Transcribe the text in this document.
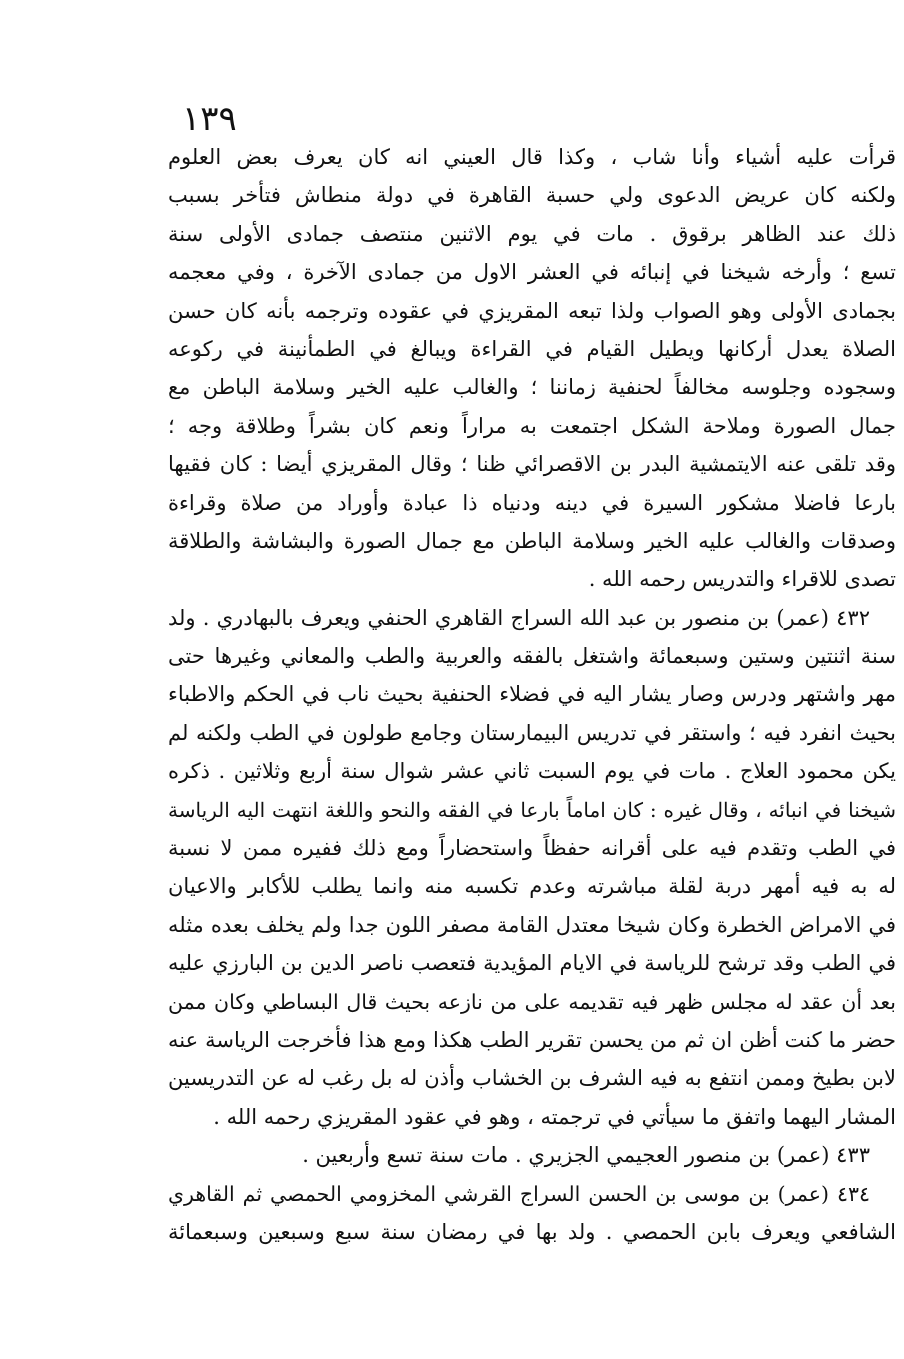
١٣٩
قرأت عليه أشياء وأنا شاب ، وكذا قال العيني انه كان يعرف بعض العلوم
ولكنه كان عريض الدعوى ولي حسبة القاهرة في دولة منطاش فتأخر بسبب
ذلك عند الظاهر برقوق . مات في يوم الاثنين منتصف جمادى الأولى سنة
تسع ؛ وأرخه شيخنا في إنبائه في العشر الاول من جمادى الآخرة ، وفي معجمه
بجمادى الأولى وهو الصواب ولذا تبعه المقريزي في عقوده وترجمه بأنه كان حسن
الصلاة يعدل أركانها ويطيل القيام في القراءة ويبالغ في الطمأنينة في ركوعه
وسجوده وجلوسه مخالفاً لحنفية زماننا ؛ والغالب عليه الخير وسلامة الباطن مع
جمال الصورة وملاحة الشكل اجتمعت به مراراً ونعم كان بشراً وطلاقة وجه ؛
وقد تلقى عنه الايتمشية البدر بن الاقصرائي ظنا ؛ وقال المقريزي أيضا : كان فقيها
بارعا فاضلا مشكور السيرة في دينه ودنياه ذا عبادة وأوراد من صلاة وقراءة
وصدقات والغالب عليه الخير وسلامة الباطن مع جمال الصورة والبشاشة والطلاقة
تصدى للاقراء والتدريس رحمه الله .
٤٣٢ (عمر) بن منصور بن عبد الله السراج القاهري الحنفي ويعرف بالبهادري . ولد
سنة اثنتين وستين وسبعمائة واشتغل بالفقه والعربية والطب والمعاني وغيرها حتى
مهر واشتهر ودرس وصار يشار اليه في فضلاء الحنفية بحيث ناب في الحكم والاطباء
بحيث انفرد فيه ؛ واستقر في تدريس البيمارستان وجامع طولون في الطب ولكنه لم
يكن محمود العلاج . مات في يوم السبت ثاني عشر شوال سنة أربع وثلاثين . ذكره
شيخنا في انبائه ، وقال غيره : كان اماماً بارعا في الفقه والنحو واللغة انتهت اليه الرياسة
في الطب وتقدم فيه على أقرانه حفظاً واستحضاراً ومع ذلك ففيره ممن لا نسبة
له به فيه أمهر دربة لقلة مباشرته وعدم تكسبه منه وانما يطلب للأكابر والاعيان
في الامراض الخطرة وكان شيخا معتدل القامة مصفر اللون جدا ولم يخلف بعده مثله
في الطب وقد ترشح للرياسة في الايام المؤيدية فتعصب ناصر الدين بن البارزي عليه
بعد أن عقد له مجلس ظهر فيه تقديمه على من نازعه بحيث قال البساطي وكان ممن
حضر ما كنت أظن ان ثم من يحسن تقرير الطب هكذا ومع هذا فأخرجت الرياسة عنه
لابن بطيخ وممن انتفع به فيه الشرف بن الخشاب وأذن له بل رغب له عن التدريسين
المشار اليهما واتفق ما سيأتي في ترجمته ، وهو في عقود المقريزي رحمه الله .
٤٣٣ (عمر) بن منصور العجيمي الجزيري . مات سنة تسع وأربعين .
٤٣٤ (عمر) بن موسى بن الحسن السراج القرشي المخزومي الحمصي ثم القاهري
الشافعي ويعرف بابن الحمصي . ولد بها في رمضان سنة سبع وسبعين وسبعمائة
